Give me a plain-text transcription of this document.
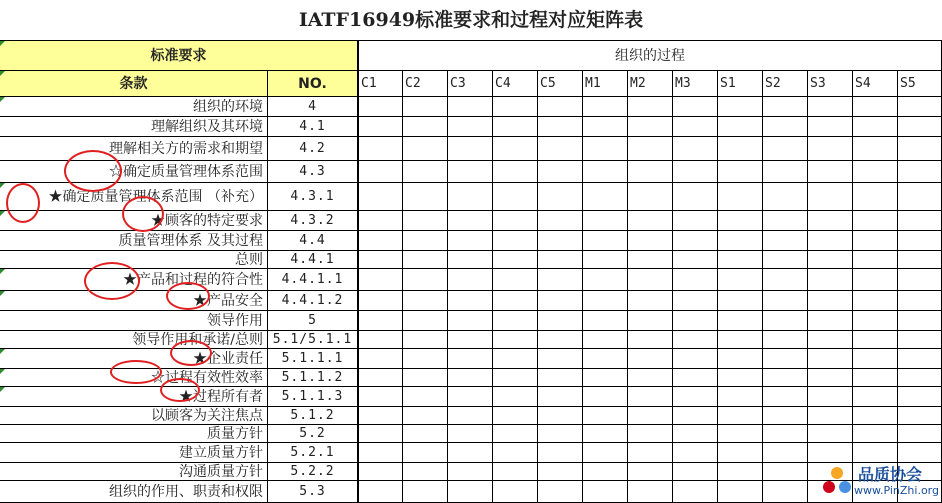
IATF16949标准要求和过程对应矩阵表
标准要求	组织的过程
条款	NO.	C1	C2	C3	C4	C5	M1	M2	M3	S1	S2	S3	S4	S5
组织的环境	4
理解组织及其环境	4.1
理解相关方的需求和期望	4.2
☆确定质量管理体系范围	4.3
★确定质量管理体系范围 （补充）	4.3.1
★顾客的特定要求	4.3.2
质量管理体系 及其过程	4.4
总则	4.4.1
★产品和过程的符合性	4.4.1.1
★产品安全	4.4.1.2
领导作用	5
领导作用和承诺/总则 5.1/5.1.1
★企业责任	5.1.1.1
☆过程有效性效率	5.1.1.2
★过程所有者	5.1.1.3
以顾客为关注焦点	5.1.2
质量方针	5.2
建立质量方针	5.2.1
沟通质量方针	5.2.2
组织的作用、职责和权限	5.3
品质协会
www.PinZhi.org
